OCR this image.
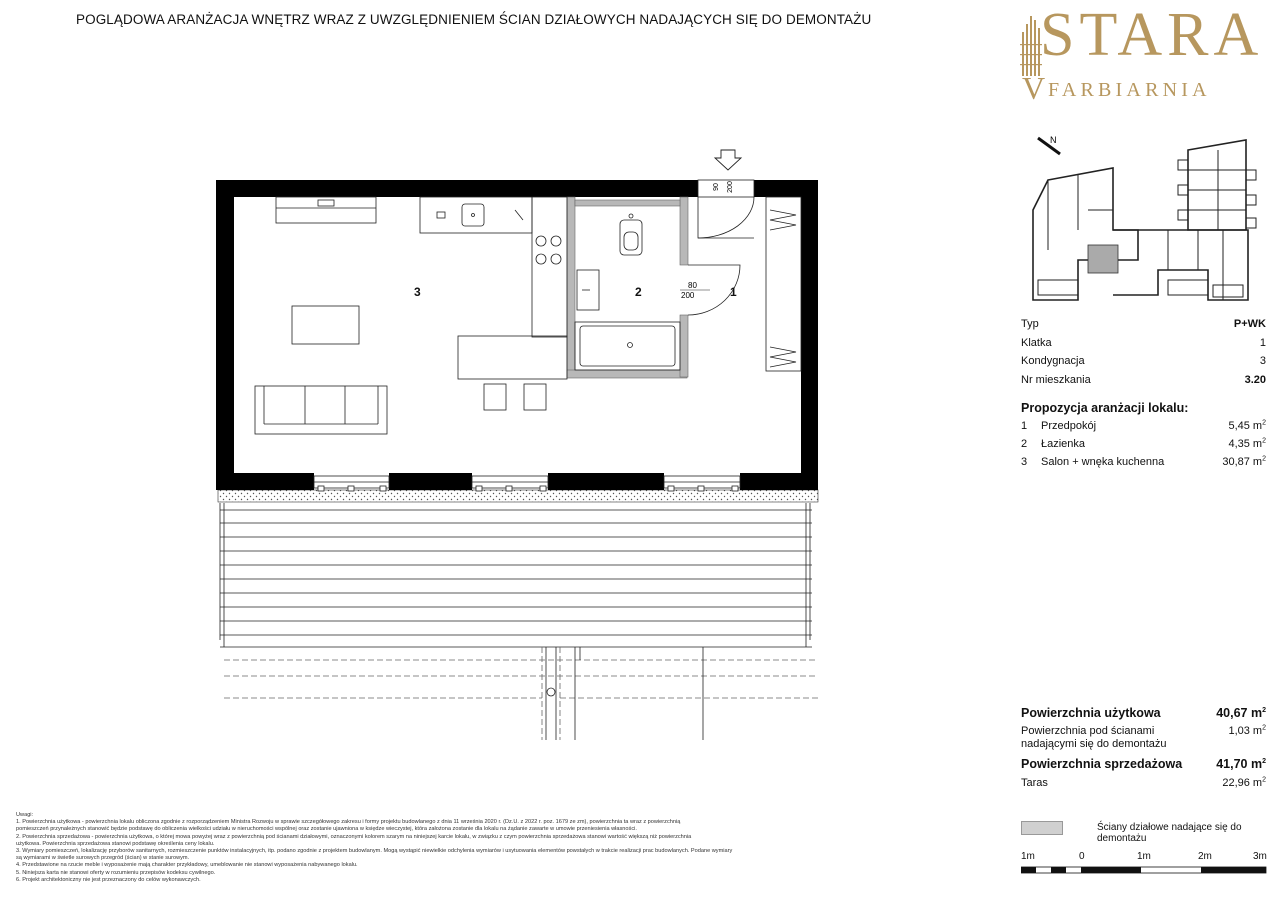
POGLĄDOWA ARANŻACJA WNĘTRZ WRAZ Z UWZGLĘDNIENIEM ŚCIAN DZIAŁOWYCH NADAJĄCYCH SIĘ DO DEMONTAŻU	STARA
V FARBIARNIA
90 200
80
200
3	2	1
N
Typ	P+WK
Klatka	1
Kondygnacja	3
Nr mieszkania	3.20
Propozycja aranżacji lokalu:
1	Przedpokój	5,45 $m^2$
2	Łazienka	4,35 $m^2$
3	Salon + wnęka kuchenna	30,87 $m^2$
Powierzchnia użytkowa	40,67 $m^2$
Powierzchnia pod ścianami nadającymi się do demontażu
1,03 $m^2$
Powierzchnia sprzedażowa	41,70 $m^2$
Taras	22,96 $m^2$
Ściany działowe nadające się do demontażu
1m	0	1m	2m	3m
Uwagi:
1. Powierzchnia użytkowa - powierzchnia lokalu obliczona zgodnie z rozporządzeniem Ministra Rozwoju w sprawie szczegółowego zakresu i formy projektu budowlanego z dnia 11 września 2020 r. (Dz.U. z 2022 r. poz. 1679 ze zm), powierzchnia ta wraz z powierzchnią
pomieszczeń przynależnych stanowić będzie podstawę do obliczenia wielkości udziału w nieruchomości wspólnej oraz zostanie ujawniona w księdze wieczystej, która założona zostanie dla lokalu na żądanie zawarte w umowie przeniesienia własności.
2. Powierzchnia sprzedażowa - powierzchnia użytkowa, o której mowa powyżej wraz z powierzchnią pod ścianami działowymi, oznaczonymi kolorem szarym na niniejszej karcie lokalu, w związku z czym powierzchnia sprzedażowa stanowi wartość większą niż powierzchnia
użytkowa. Powierzchnia sprzedażowa stanowi podstawę określenia ceny lokalu.
3. Wymiary pomieszczeń, lokalizację przyborów sanitarnych, rozmieszczenie punktów instalacyjnych, itp. podano zgodnie z projektem budowlanym. Mogą wystąpić niewielkie odchylenia wymiarów i usytuowania elementów powstałych w trakcie realizacji prac budowlanych. Podane wymiary
są wymiarami w świetle surowych przegród (ścian) w stanie surowym.
4. Przedstawione na rzucie meble i wyposażenie mają charakter przykładowy, umeblowanie nie stanowi wyposażenia nabywanego lokalu.
5. Niniejsza karta nie stanowi oferty w rozumieniu przepisów kodeksu cywilnego.
6. Projekt architektoniczny nie jest przeznaczony do celów wykonawczych.
